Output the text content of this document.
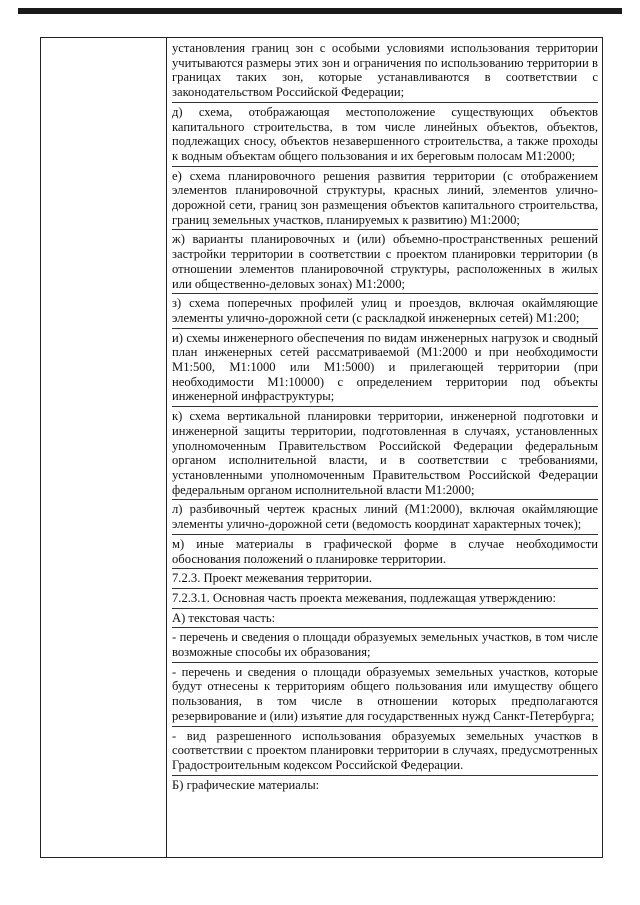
установления границ зон с особыми условиями использования территории учитываются размеры этих зон и ограничения по использованию территории в границах таких зон, которые устанавливаются в соответствии с законодательством Российской Федерации;

д) схема, отображающая местоположение существующих объектов капитального строительства, в том числе линейных объектов, объектов, подлежащих сносу, объектов незавершенного строительства, а также проходы к водным объектам общего пользования и их береговым полосам М1:2000;

е) схема планировочного решения развития территории (с отображением элементов планировочной структуры, красных линий, элементов улично-дорожной сети, границ зон размещения объектов капитального строительства, границ земельных участков, планируемых к развитию) М1:2000;

ж) варианты планировочных и (или) объемно-пространственных решений застройки территории в соответствии с проектом планировки территории (в отношении элементов планировочной структуры, расположенных в жилых или общественно-деловых зонах) М1:2000;

з) схема поперечных профилей улиц и проездов, включая окаймляющие элементы улично-дорожной сети (с раскладкой инженерных сетей) М1:200;

и) схемы инженерного обеспечения по видам инженерных нагрузок и сводный план инженерных сетей рассматриваемой (М1:2000 и при необходимости М1:500, М1:1000 или М1:5000) и прилегающей территории (при необходимости М1:10000) с определением территории под объекты инженерной инфраструктуры;

к) схема вертикальной планировки территории, инженерной подготовки и инженерной защиты территории, подготовленная в случаях, установленных уполномоченным Правительством Российской Федерации федеральным органом исполнительной власти, и в соответствии с требованиями, установленными уполномоченным Правительством Российской Федерации федеральным органом исполнительной власти М1:2000;

л) разбивочный чертеж красных линий (М1:2000), включая окаймляющие элементы улично-дорожной сети (ведомость координат характерных точек);

м) иные материалы в графической форме в случае необходимости обоснования положений о планировке территории.

7.2.3. Проект межевания территории.

7.2.3.1. Основная часть проекта межевания, подлежащая утверждению:

А) текстовая часть:

- перечень и сведения о площади образуемых земельных участков, в том числе возможные способы их образования;

- перечень и сведения о площади образуемых земельных участков, которые будут отнесены к территориям общего пользования или имуществу общего пользования, в том числе в отношении которых предполагаются резервирование и (или) изъятие для государственных нужд Санкт-Петербурга;

- вид разрешенного использования образуемых земельных участков в соответствии с проектом планировки территории в случаях, предусмотренных Градостроительным кодексом Российской Федерации.

Б) графические материалы:
